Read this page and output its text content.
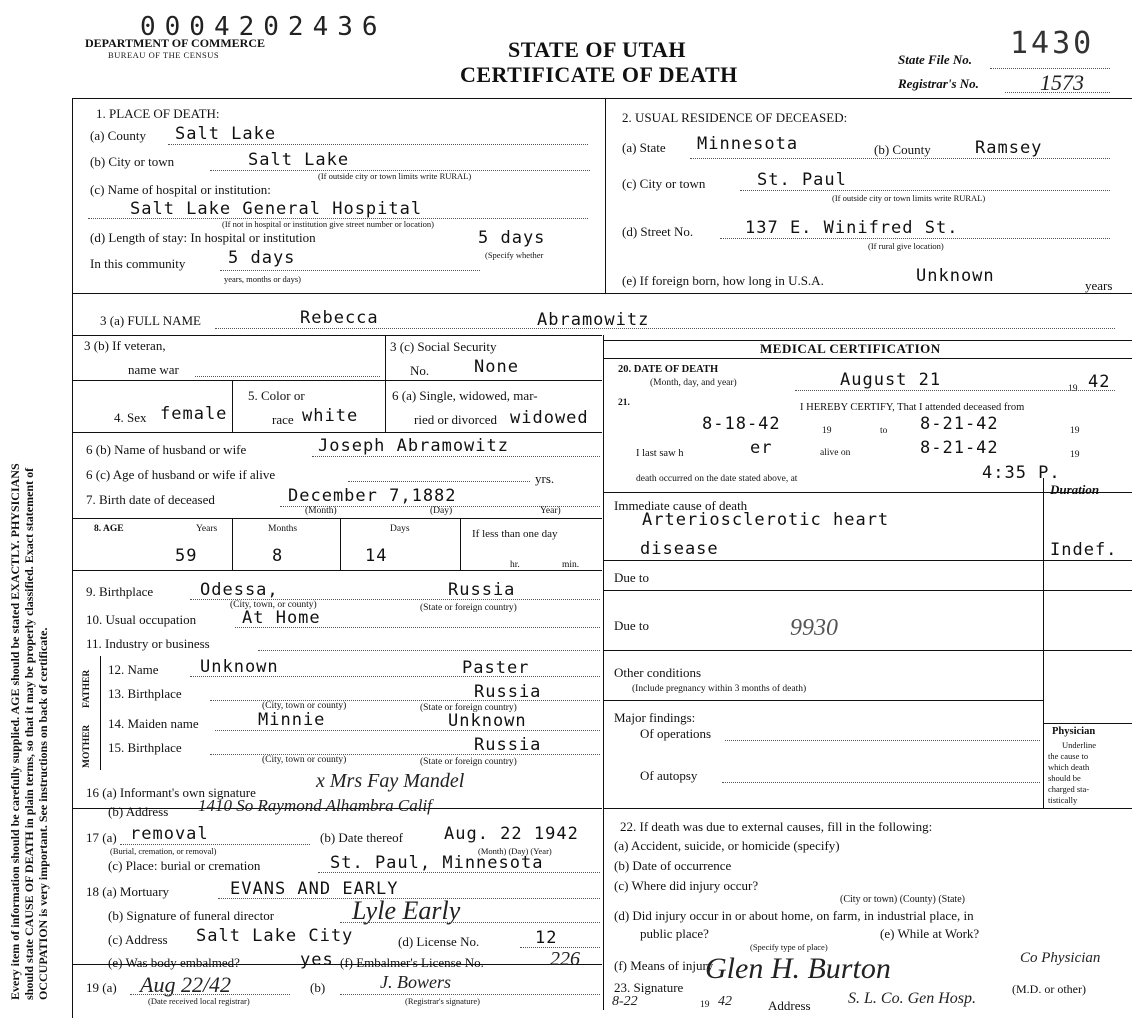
Every item of information should be carefully supplied. AGE should be stated EXACTLY. PHYSICIANS should state CAUSE OF DEATH in plain terms, so that it may be properly classified. Exact statement of OCCUPATION is very important. See instructions on back of certificate.
DEPARTMENT OF COMMERCE
BUREAU OF THE CENSUS
0004202436
STATE OF UTAH
CERTIFICATE OF DEATH
State File No. 1430
Registrar's No.	1573
1. PLACE OF DEATH:
(a) County Salt Lake
(b) City or town	Salt Lake
(If outside city or town limits write RURAL)
(c) Name of hospital or institution:
Salt Lake General Hospital
(If not in hospital or institution give street number or location)
(d) Length of stay: In hospital or institution	5 days
(Specify whether
In this community	5 days
years, months or days)
2. USUAL RESIDENCE OF DECEASED:
(a) State Minnesota	(b) County	Ramsey
(c) City or town	St. Paul
(If outside city or town limits write RURAL)
(d) Street No.	137 E. Winifred St.
(If rural give location)
(e) If foreign born, how long in U.S.A.	Unknown	years
3 (a) FULL NAME	Rebecca	Abramowitz
3 (b) If veteran,
name war
3 (c) Social Security
No.	None
4. Sex female
5. Color or
race white
6 (a) Single, widowed, mar-
ried or divorced widowed
6 (b) Name of husband or wife	Joseph Abramowitz
6 (c) Age of husband or wife if alive	yrs.
7. Birth date of deceased	December 7,1882
(Month)	(Day)	Year)
8. AGE	Years	Months	Days	If less than one day
59	8	14	hr.	min.
9. Birthplace	Odessa,	Russia
(City, town, or county)	(State or foreign country)
10. Usual occupation	At Home
11. Industry or business
FATHER
MOTHER
12. Name Unknown	Paster
13. Birthplace	Russia
(City, town or county)	(State or foreign country)
14. Maiden name	Minnie	Unknown
15. Birthplace	Russia
(City, town or county)	(State or foreign country)
16 (a) Informant's own signature
x Mrs Fay Mandel
(b) Address 1410 So Raymond Alhambra Calif
17 (a) removal
(Burial, cremation, or removal)
(b) Date thereof Aug. 22 1942
(Month) (Day) (Year)
(c) Place: burial or cremation	St. Paul, Minnesota
18 (a) Mortuary	EVANS AND EARLY
(b) Signature of funeral director	Lyle Early
(c) Address Salt Lake City	(d) License No.	12
(e) Was body embalmed?	yes (f) Embalmer's License No.	226
19 (a) Aug 22/42
(Date received local registrar)
(b)	J. Bowers
(Registrar's signature)
MEDICAL CERTIFICATION
20. DATE OF DEATH
(Month, day, and year)	August 21	19 42
21.	I HEREBY CERTIFY, That I attended deceased from
8-18-42	19	to 8-21-42	19
I last saw h	er	alive on	8-21-42	19
death occurred on the date stated above, at	4:35 P.
Duration
Immediate cause of death
Arteriosclerotic heart
disease	Indef.
Due to
Due to	9930
Other conditions
(Include pregnancy within 3 months of death)
Major findings:
Of operations
Of autopsy
Physician
Underline
the cause to
which death
should be
charged sta-
tistically
22. If death was due to external causes, fill in the following:
(a) Accident, suicide, or homicide (specify)
(b) Date of occurrence
(c) Where did injury occur?
(City or town) (County) (State)
(d) Did injury occur in or about home, on farm, in industrial place, in
public place?	(e) While at Work?
(Specify type of place)
(f) Means of injury
23. Signature
Glen H. Burton	Co Physician
(M.D. or other)
8-22	19 42	Address S. L. Co. Gen Hosp.
